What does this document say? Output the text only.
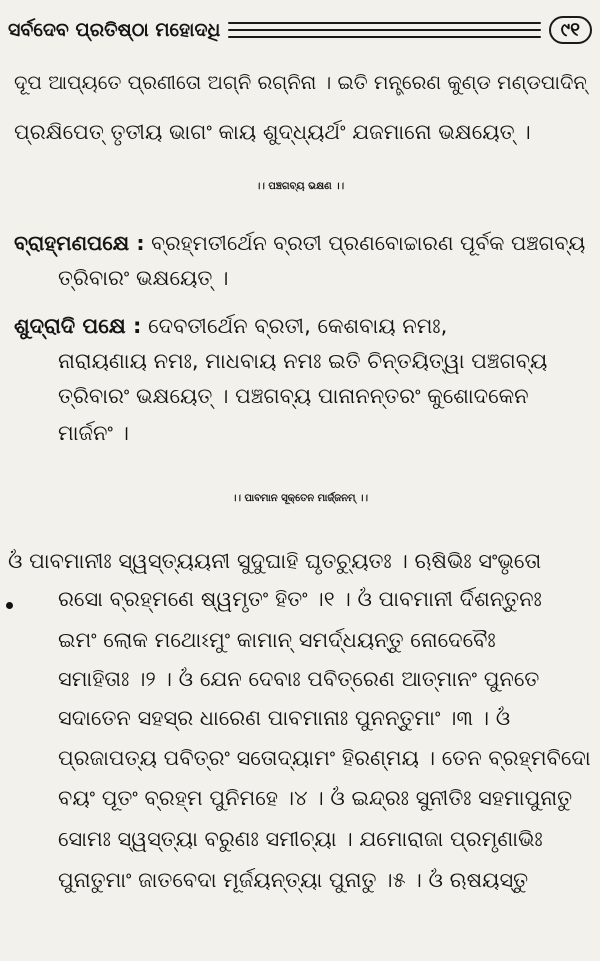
ସର୍ବଦେବ ପ୍ରତିଷ୍ଠା ମହୋଦଧି	୯୧
ଦୂପ ଆପ୍ୟତେ ପ୍ରଣୀତୋ ଅଗ୍ନି ରଗ୍ନିନା । ଇତି ମନ୍ତ୍ରେଣ କୁଣ୍ଡ ମଣ୍ଡପାଦିନ୍
ପ୍ରକ୍ଷିପେତ୍ ତୃତୀୟ ଭାଗଂ କାୟ ଶୁଦ୍ଧ୍ୟର୍ଥଂ ଯଜମାନୋ ଭକ୍ଷୟେତ୍ ।
।। ପଞ୍ଚଗବ୍ୟ ଭକ୍ଷଣ ।।
ବ୍ରାହ୍ମଣପକ୍ଷେ : ବ୍ରହ୍ମତୀର୍ଥେନ ବ୍ରତୀ ପ୍ରଣବୋଚ୍ଚାରଣ ପୂର୍ବକ ପଞ୍ଚଗବ୍ୟ
ତ୍ରିବାରଂ ଭକ୍ଷୟେତ୍ ।
ଶୁଦ୍ରାଦି ପକ୍ଷେ : ଦେବତୀର୍ଥେନ ବ୍ରତୀ, କେଶବାୟ ନମଃ,
ନାରାୟଣାୟ ନମଃ, ମାଧବାୟ ନମଃ ଇତି ଚିନ୍ତୟିତ୍ୱା ପଞ୍ଚଗବ୍ୟ
ତ୍ରିବାରଂ ଭକ୍ଷୟେତ୍ । ପଞ୍ଚଗବ୍ୟ ପାନାନନ୍ତରଂ କୁଶୋଦକେନ
ମାର୍ଜନଂ ।
।। ପାବମାନ ସୂକ୍ତେନ ମାର୍ଜ୍ଜନମ୍ ।।
ଓଁ ପାବମାନୀଃ ସ୍ୱସ୍ତ୍ୟୟନୀ ସୁଦୁଘାହି ଘୃତଚ୍ୟୁତଃ । ଋଷିଭିଃ ସଂଭୃତୋ
ରସୋ ବ୍ରହ୍ମଣେ ଷ୍ୱମୃତଂ ହିତଂ ।୧ । ଓଁ ପାବମାନୀ ର୍ଦିଶନ୍ତୁନଃ
ଇମଂ ଲୋକ ମଥୋଽମୁଂ କାମାନ୍ ସମର୍ଦ୍ଧୟନ୍ତୁ ନୋଦେବୈଃ
ସମାହିତାଃ ।୨ । ଓଁ ଯେନ ଦେବାଃ ପବିତ୍ରେଣ ଆତ୍ମାନଂ ପୁନତେ
ସଦାତେନ ସହସ୍ର ଧାରେଣ ପାବମାନାଃ ପୁନନ୍ତୁମାଂ ।୩ । ଓଁ
ପ୍ରଜାପତ୍ୟ ପବିତ୍ରଂ ସତୋଦ୍ୟାମଂ ହିରଣ୍ମୟ । ତେନ ବ୍ରହ୍ମବିଦୋ
ବୟଂ ପୂତଂ ବ୍ରହ୍ମ ପୁନିମହେ ।୪ । ଓଁ ଇନ୍ଦ୍ରଃ ସୁନୀତିଃ ସହମାପୁନାତୁ
ସୋମଃ ସ୍ୱସ୍ତ୍ୟା ବରୁଣଃ ସମୀଚ୍ୟା । ଯମୋରାଜା ପ୍ରମୃଣାଭିଃ
ପୁନାତୁମାଂ ଜାତବେଦା ମୂର୍ଜୟନ୍ତ୍ୟା ପୁନାତୁ ।୫ । ଓଁ ଋଷୟସ୍ତୁ
